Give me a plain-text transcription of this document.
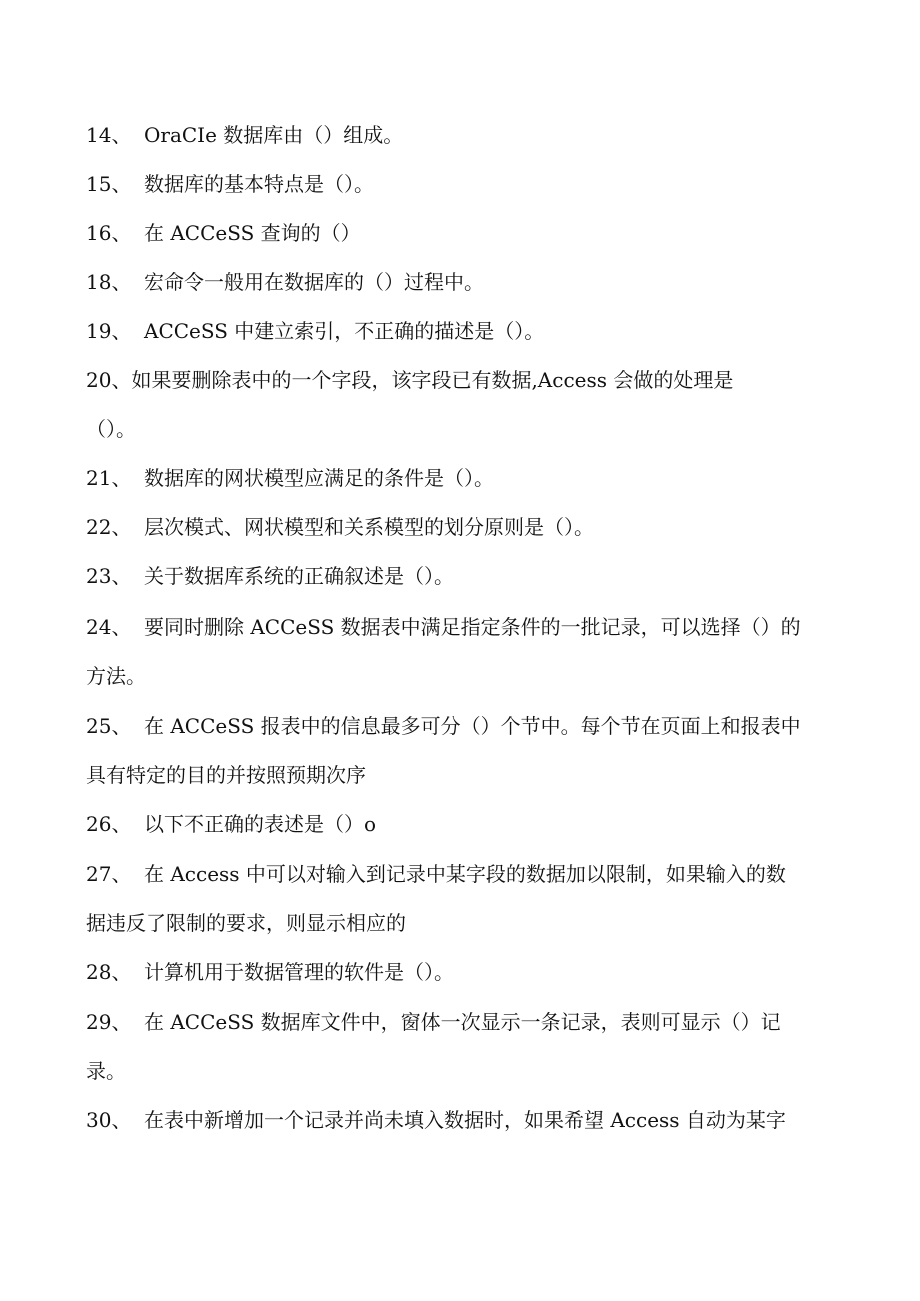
14、 OraCIe 数据库由（）组成。
15、 数据库的基本特点是（）。
16、 在 ACCeSS 查询的（）
18、 宏命令一般用在数据库的（）过程中。
19、 ACCeSS 中建立索引，不正确的描述是（）。
20、如果要删除表中的一个字段，该字段已有数据,Access 会做的处理是
（）。
21、 数据库的网状模型应满足的条件是（）。
22、 层次模式、网状模型和关系模型的划分原则是（）。
23、 关于数据库系统的正确叙述是（）。
24、 要同时删除 ACCeSS 数据表中满足指定条件的一批记录，可以选择（）的
方法。
25、 在 ACCeSS 报表中的信息最多可分（）个节中。每个节在页面上和报表中
具有特定的目的并按照预期次序
26、 以下不正确的表述是（）o
27、 在 Access 中可以对输入到记录中某字段的数据加以限制，如果输入的数
据违反了限制的要求，则显示相应的
28、 计算机用于数据管理的软件是（）。
29、 在 ACCeSS 数据库文件中，窗体一次显示一条记录，表则可显示（）记
录。
30、 在表中新增加一个记录并尚未填入数据时，如果希望 Access 自动为某字
